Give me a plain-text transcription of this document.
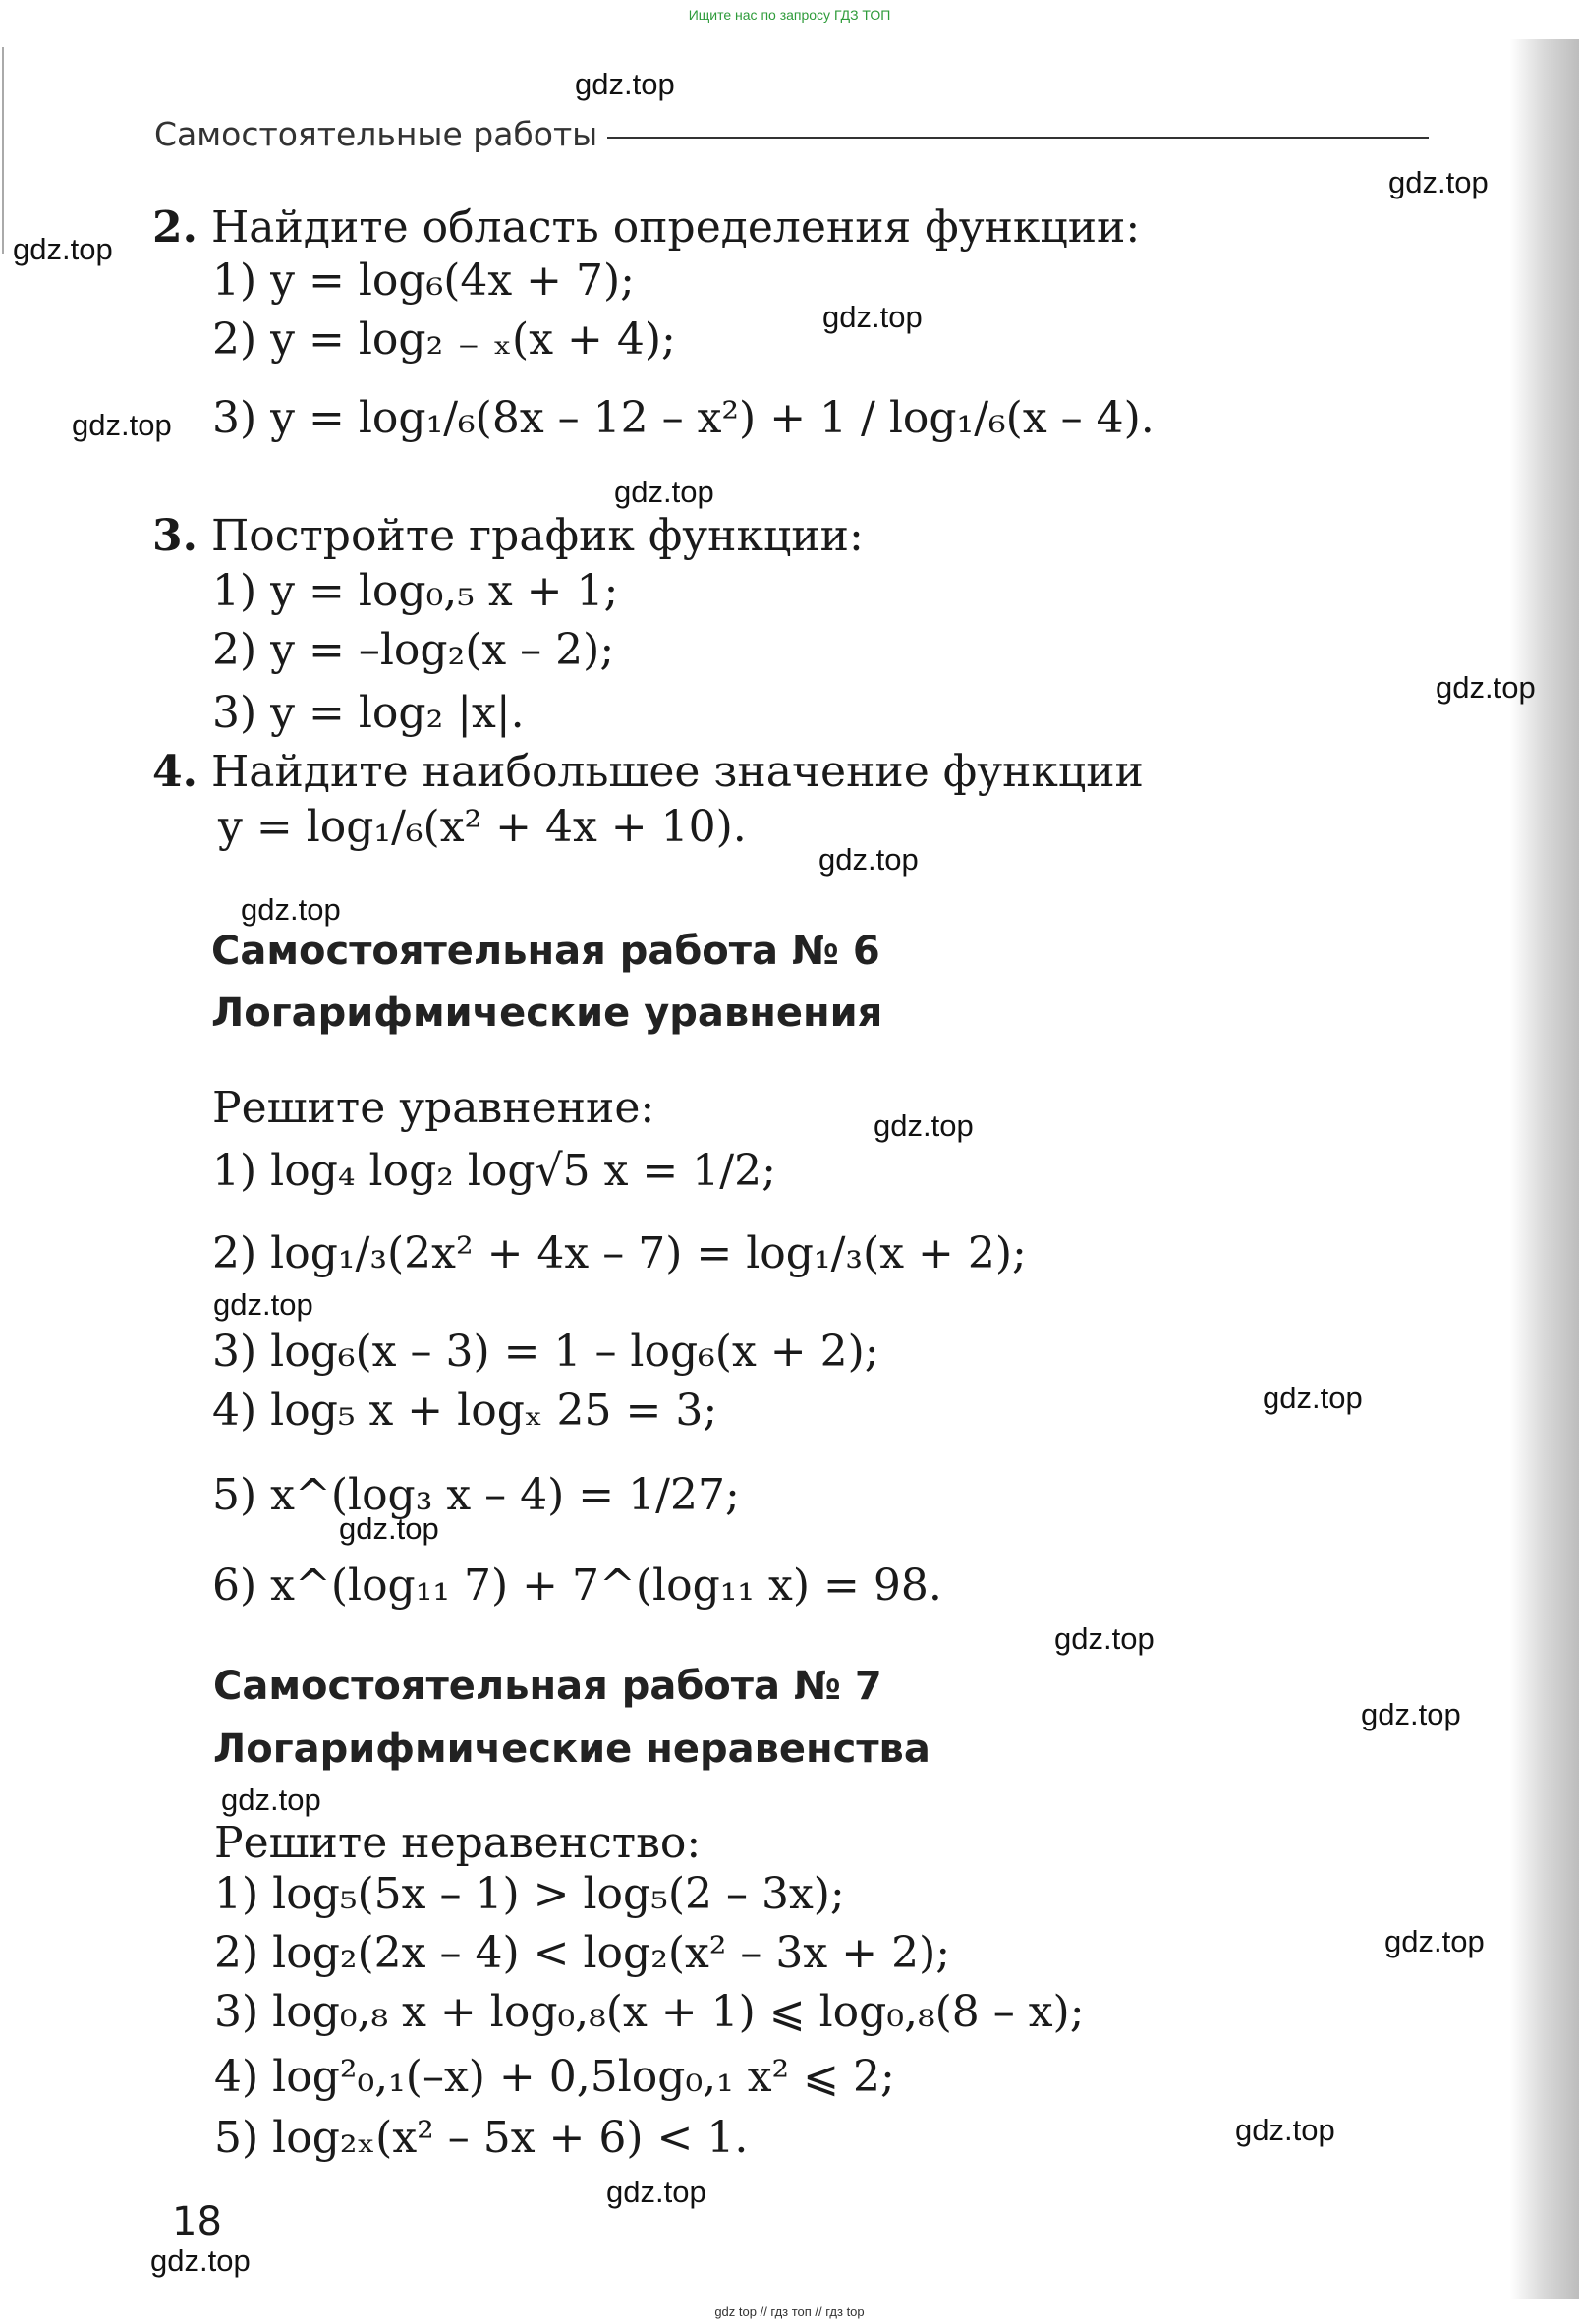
Ищите нас по запросу ГДЗ ТОП
Самостоятельные работы
2. Найдите область определения функции:
1) y = log₆(4x + 7);
2) y = log₂ ₋ ₓ(x + 4);
3) y = log₁/₆(8x – 12 – x²) + 1 / log₁/₆(x – 4).
3. Постройте график функции:
1) y = log₀,₅ x + 1;
2) y = –log₂(x – 2);
3) y = log₂ |x|.
4. Найдите наибольшее значение функции
y = log₁/₆(x² + 4x + 10).
Самостоятельная работа № 6
Логарифмические уравнения
Решите уравнение:
1) log₄ log₂ log√5 x = 1/2;
2) log₁/₃(2x² + 4x – 7) = log₁/₃(x + 2);
3) log₆(x – 3) = 1 – log₆(x + 2);
4) log₅ x + logₓ 25 = 3;
5) x^(log₃ x – 4) = 1/27;
6) x^(log₁₁ 7) + 7^(log₁₁ x) = 98.
Самостоятельная работа № 7
Логарифмические неравенства
Решите неравенство:
1) log₅(5x – 1) > log₅(2 – 3x);
2) log₂(2x – 4) < log₂(x² – 3x + 2);
3) log₀,₈ x + log₀,₈(x + 1) ⩽ log₀,₈(8 – x);
4) log²₀,₁(–x) + 0,5log₀,₁ x² ⩽ 2;
5) log₂ₓ(x² – 5x + 6) < 1.
18
gdz.top
gdz.top
gdz.top
gdz.top
gdz.top
gdz.top
gdz.top
gdz.top
gdz.top
gdz.top
gdz.top
gdz.top
gdz.top
gdz.top
gdz.top
gdz.top
gdz.top
gdz.top
gdz.top
gdz.top
gdz top // гдз топ // гдз top
